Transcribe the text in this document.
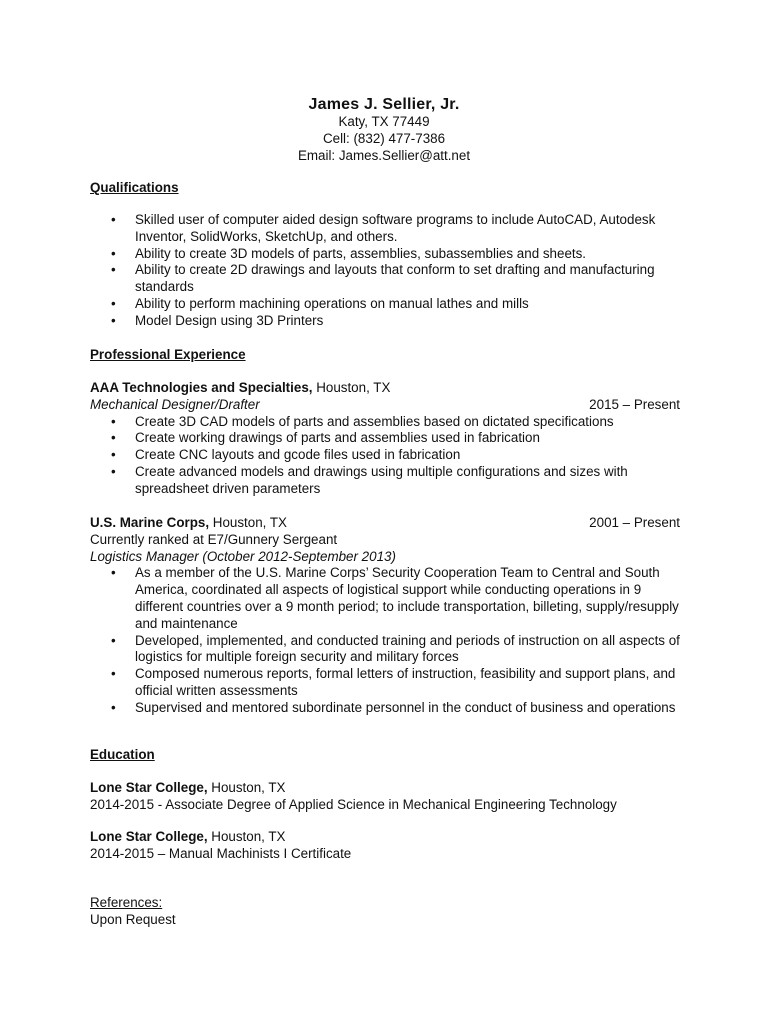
James J. Sellier, Jr.
Katy, TX 77449
Cell: (832) 477-7386
Email: James.Sellier@att.net
Qualifications
• Skilled user of computer aided design software programs to include AutoCAD, Autodesk Inventor, SolidWorks, SketchUp, and others.
• Ability to create 3D models of parts, assemblies, subassemblies and sheets.
• Ability to create 2D drawings and layouts that conform to set drafting and manufacturing standards
• Ability to perform machining operations on manual lathes and mills
• Model Design using 3D Printers
Professional Experience
AAA Technologies and Specialties, Houston, TX
Mechanical Designer/Drafter	2015 – Present
• Create 3D CAD models of parts and assemblies based on dictated specifications
• Create working drawings of parts and assemblies used in fabrication
• Create CNC layouts and gcode files used in fabrication
• Create advanced models and drawings using multiple configurations and sizes with spreadsheet driven parameters
U.S. Marine Corps, Houston, TX	2001 – Present
Currently ranked at E7/Gunnery Sergeant
Logistics Manager (October 2012-September 2013)
• As a member of the U.S. Marine Corps’ Security Cooperation Team to Central and South America, coordinated all aspects of logistical support while conducting operations in 9 different countries over a 9 month period; to include transportation, billeting, supply/resupply and maintenance
• Developed, implemented, and conducted training and periods of instruction on all aspects of logistics for multiple foreign security and military forces
• Composed numerous reports, formal letters of instruction, feasibility and support plans, and official written assessments
• Supervised and mentored subordinate personnel in the conduct of business and operations
Education
Lone Star College, Houston, TX
2014-2015 - Associate Degree of Applied Science in Mechanical Engineering Technology
Lone Star College, Houston, TX
2014-2015 – Manual Machinists I Certificate
References:
Upon Request
